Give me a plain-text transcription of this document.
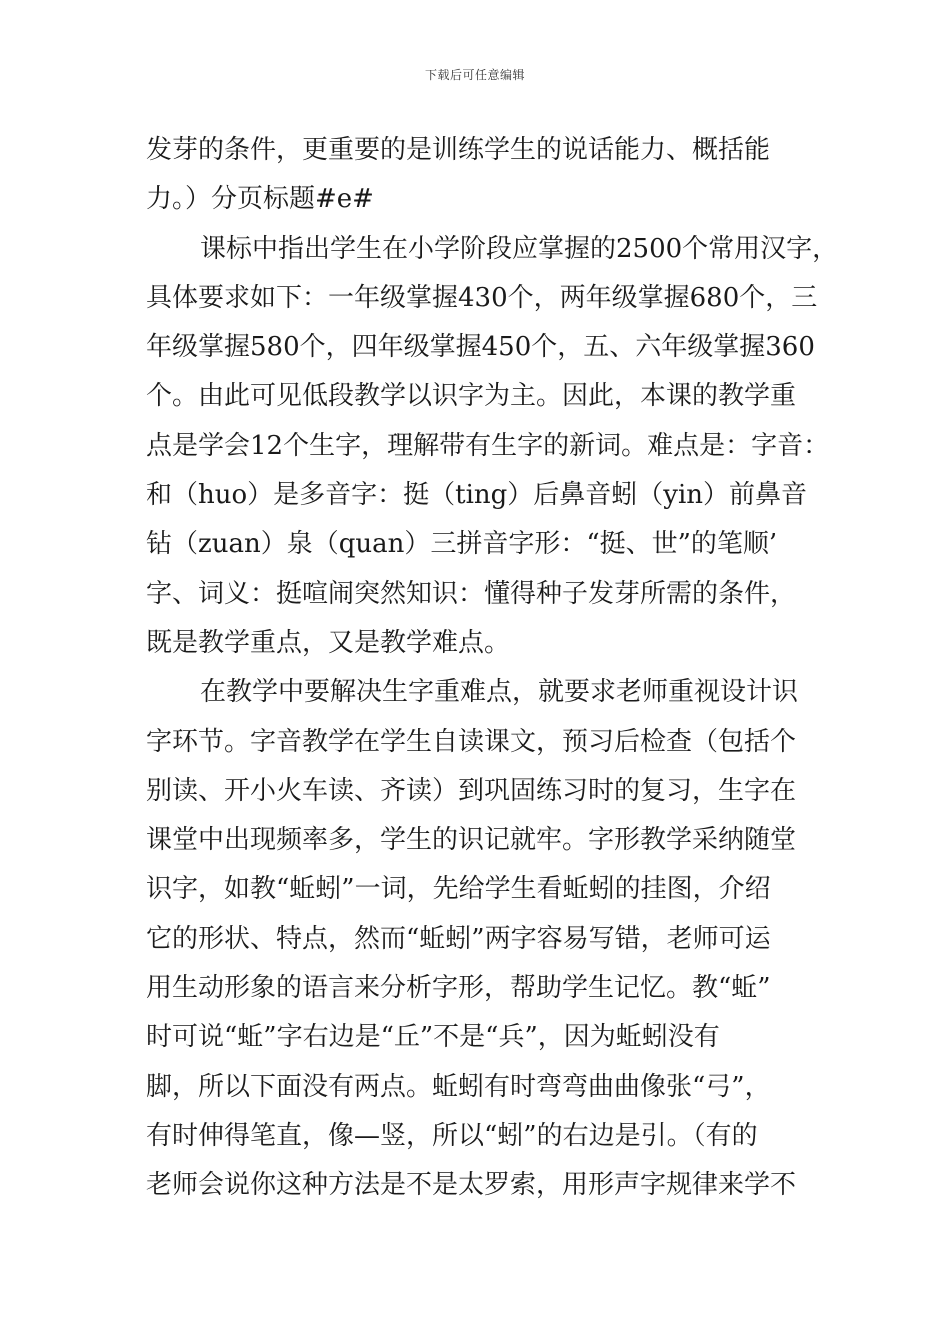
下载后可任意编辑
发芽的条件，更重要的是训练学生的说话能力、概括能
力。）分页标题#e#
课标中指出学生在小学阶段应掌握的2500个常用汉字，
具体要求如下：一年级掌握430个，两年级掌握680个，三
年级掌握580个，四年级掌握450个，五、六年级掌握360
个。由此可见低段教学以识字为主。因此，本课的教学重
点是学会12个生字，理解带有生字的新词。难点是：字音：
和（huo）是多音字：挺（ting）后鼻音蚓（yin）前鼻音
钻（zuan）泉（quan）三拼音字形：“挺、世”的笔顺’
字、词义：挺喧闹突然知识：懂得种子发芽所需的条件，
既是教学重点，又是教学难点。
在教学中要解决生字重难点，就要求老师重视设计识
字环节。字音教学在学生自读课文，预习后检查（包括个
别读、开小火车读、齐读）到巩固练习时的复习，生字在
课堂中出现频率多，学生的识记就牢。字形教学采纳随堂
识字，如教“蚯蚓”一词，先给学生看蚯蚓的挂图，介绍
它的形状、特点，然而“蚯蚓”两字容易写错，老师可运
用生动形象的语言来分析字形，帮助学生记忆。教“蚯”
时可说“蚯”字右边是“丘”不是“兵”，因为蚯蚓没有
脚，所以下面没有两点。蚯蚓有时弯弯曲曲像张“弓”，
有时伸得笔直，像—竖，所以“蚓”的右边是引。（有的
老师会说你这种方法是不是太罗索，用形声字规律来学不
